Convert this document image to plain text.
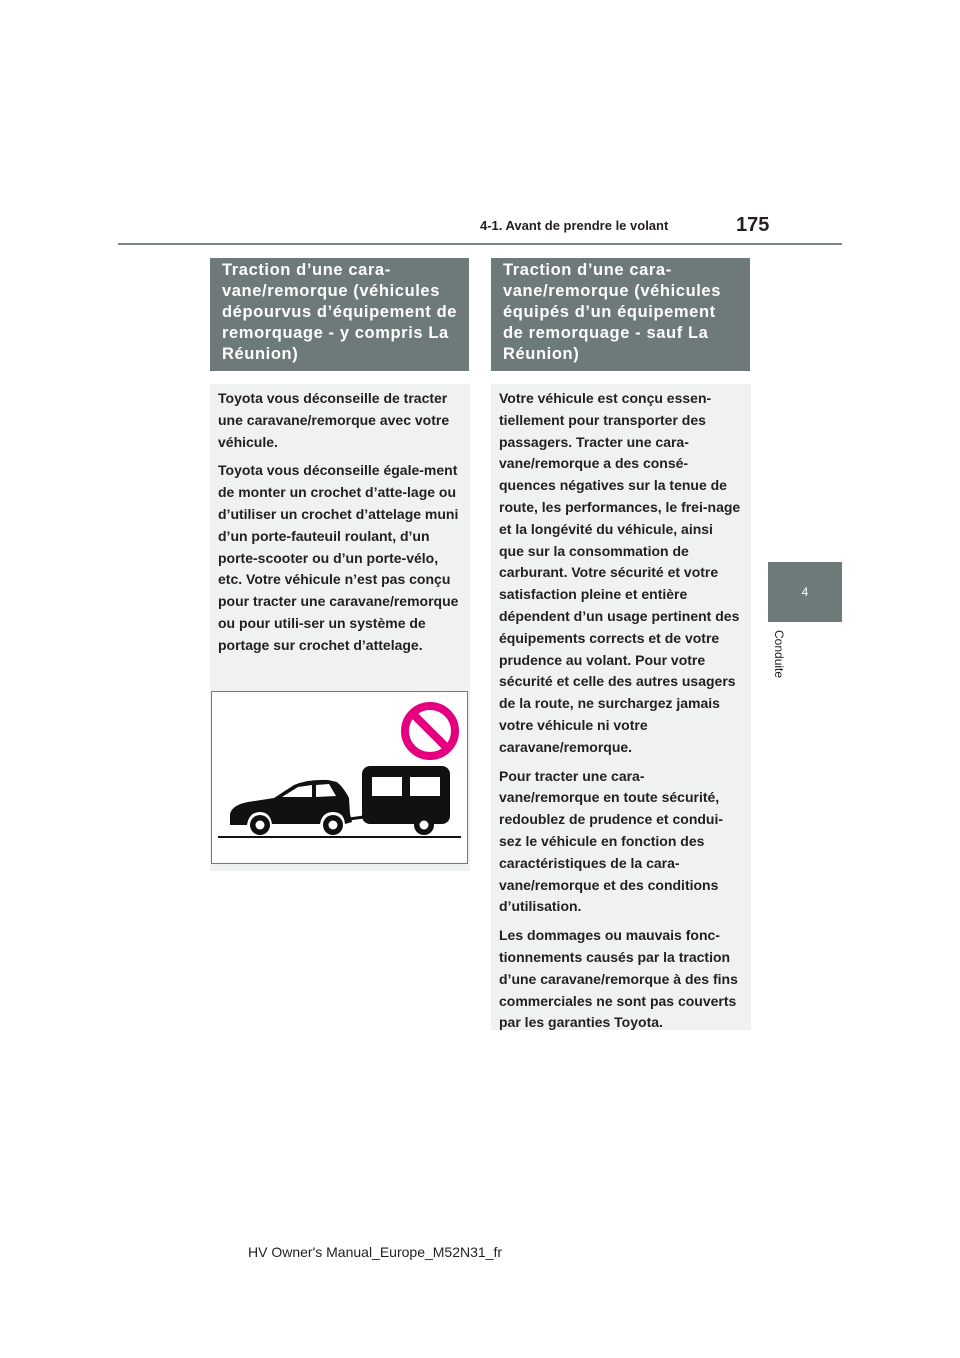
4-1. Avant de prendre le volant	175
4
Conduite
Traction d’une cara-vane/remorque (véhicules dépourvus d’équipement de remorquage - y compris La Réunion)

Toyota vous déconseille de tracter une caravane/remorque avec votre véhicule.

Toyota vous déconseille égale-ment de monter un crochet d’atte-lage ou d’utiliser un crochet d’attelage muni d’un porte-fauteuil roulant, d’un porte-scooter ou d’un porte-vélo, etc. Votre véhicule n’est pas conçu pour tracter une caravane/remorque ou pour utili-ser un système de portage sur crochet d’attelage.

Traction d’une cara-vane/remorque (véhicules équipés d’un équipement de remorquage - sauf La Réunion)

Votre véhicule est conçu essen-tiellement pour transporter des passagers. Tracter une cara-vane/remorque a des consé-quences négatives sur la tenue de route, les performances, le frei-nage et la longévité du véhicule, ainsi que sur la consommation de carburant. Votre sécurité et votre satisfaction pleine et entière dépendent d’un usage pertinent des équipements corrects et de votre prudence au volant. Pour votre sécurité et celle des autres usagers de la route, ne surchargez jamais votre véhicule ni votre caravane/remorque.

Pour tracter une cara-vane/remorque en toute sécurité, redoublez de prudence et condui-sez le véhicule en fonction des caractéristiques de la cara-vane/remorque et des conditions d’utilisation.

Les dommages ou mauvais fonc-tionnements causés par la traction d’une caravane/remorque à des fins commerciales ne sont pas couverts par les garanties Toyota.

HV Owner's Manual_Europe_M52N31_fr
